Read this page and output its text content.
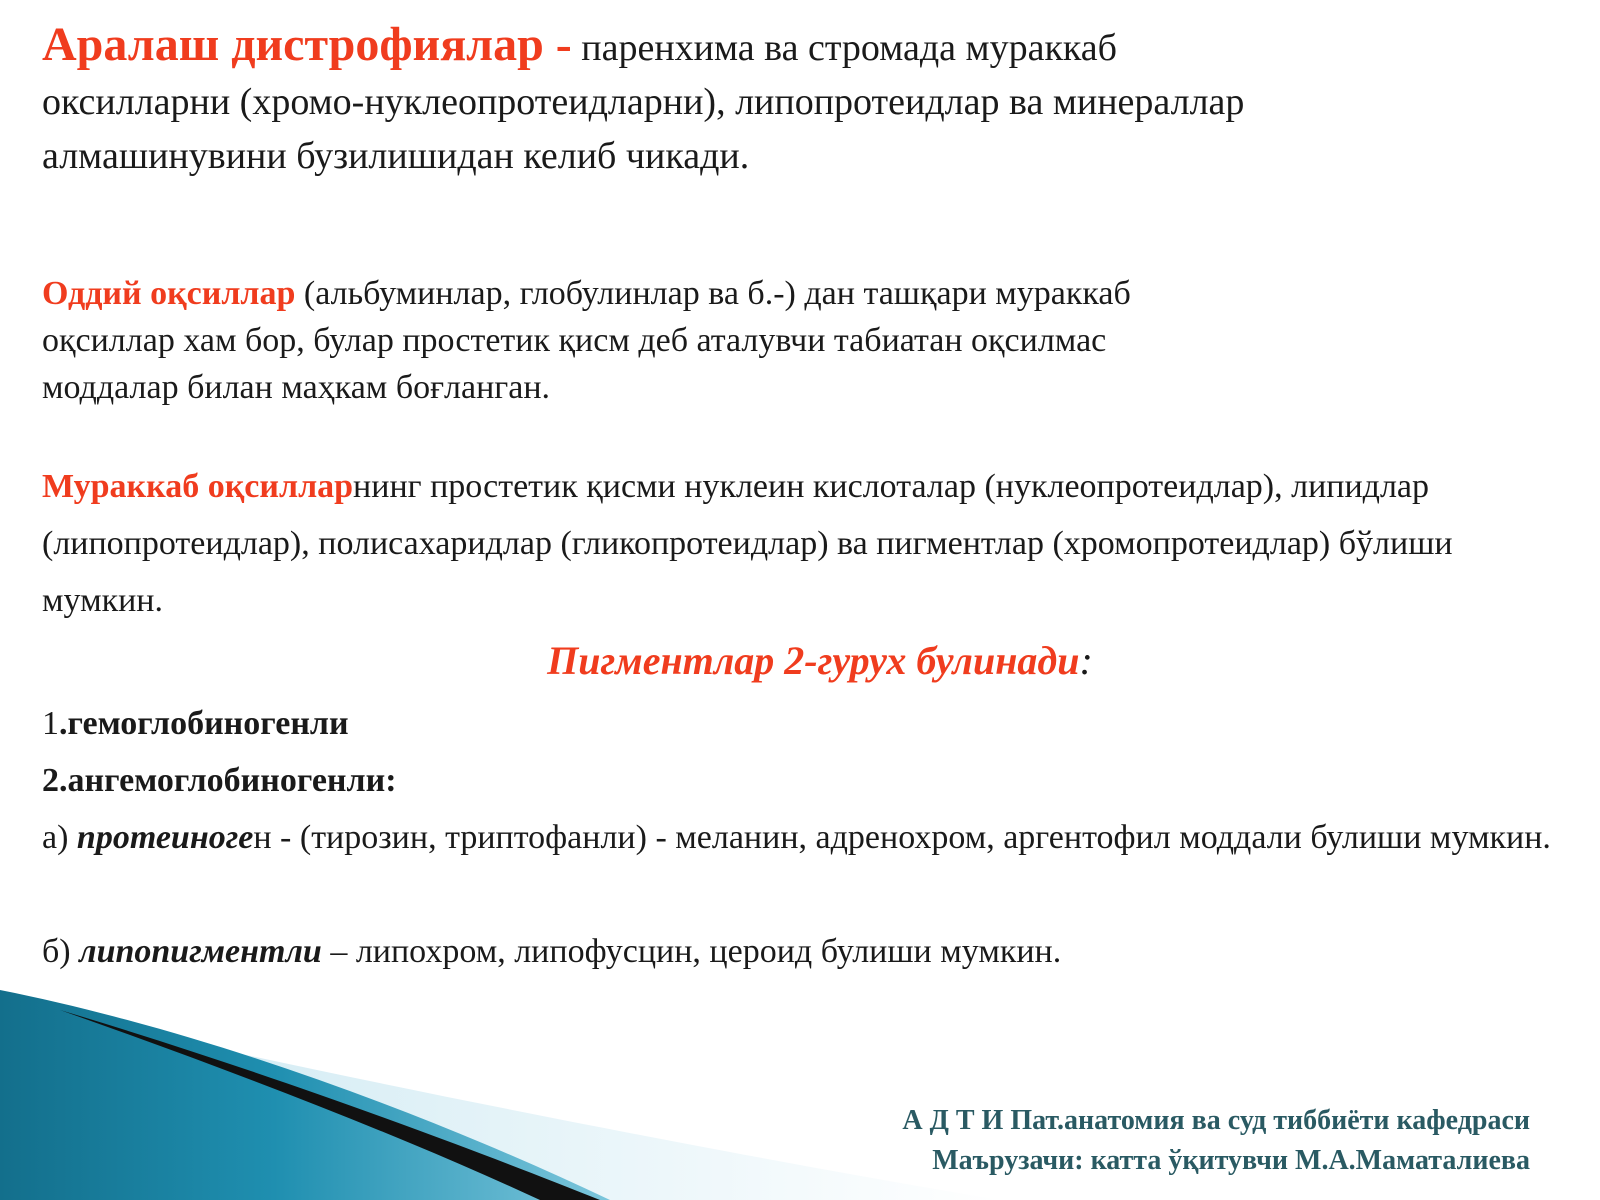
Аралаш дистрофиялар - паренхима ва стромада мураккаб оксилларни (хромо-нуклеопротеидларни), липопротеидлар ва минераллар алмашинувини бузилишидан келиб чикади.

Оддий оқсиллар (альбуминлар, глобулинлар ва б.-) дан ташқари мураккаб оқсиллар хам бор, булар простетик қисм деб аталувчи табиатан оқсилмас моддалар билан маҳкам боғланган.

Мураккаб оқсилларнинг простетик қисми нуклеин кислоталар (нуклеопротеидлар), липидлар (липопротеидлар), полисахаридлар (гликопротеидлар) ва пигментлар (хромопротеидлар) бўлиши мумкин.

Пигментлар 2-гурух булинади:

1.гемоглобиногенли

2.ангемоглобиногенли:

а) протеиноген - (тирозин, триптофанли) - меланин, адренохром, аргентофил моддали булиши мумкин.

б) липопигментли – липохром, липофусцин, цероид булиши мумкин.

А Д Т И Пат.анатомия ва суд тиббиёти кафедраси

Маърузачи: катта ўқитувчи М.А.Маматалиева
